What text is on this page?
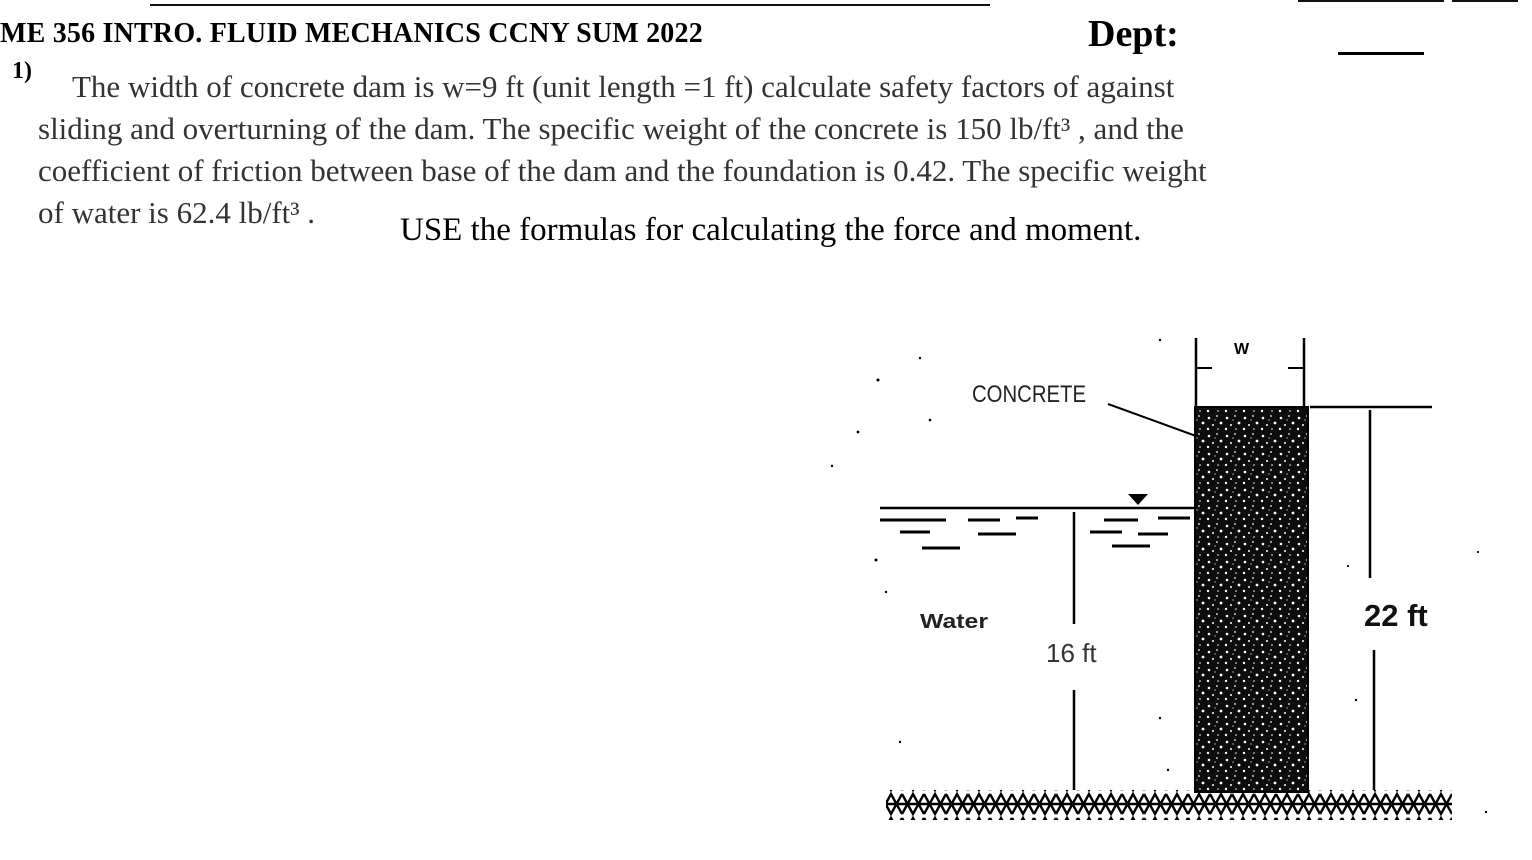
ME 356 INTRO. FLUID MECHANICS CCNY SUM 2022	Dept:
1)	The width of concrete dam is w=9 ft (unit length =1 ft) calculate safety factors of against
sliding and overturning of the dam. The specific weight of the concrete is 150 lb/ft³ , and the
coefficient of friction between base of the dam and the foundation is 0.42. The specific weight
of water is 62.4 lb/ft³ .	USE the formulas for calculating the force and moment.
CONCRETE
W
22 ft
16 ft
Water
